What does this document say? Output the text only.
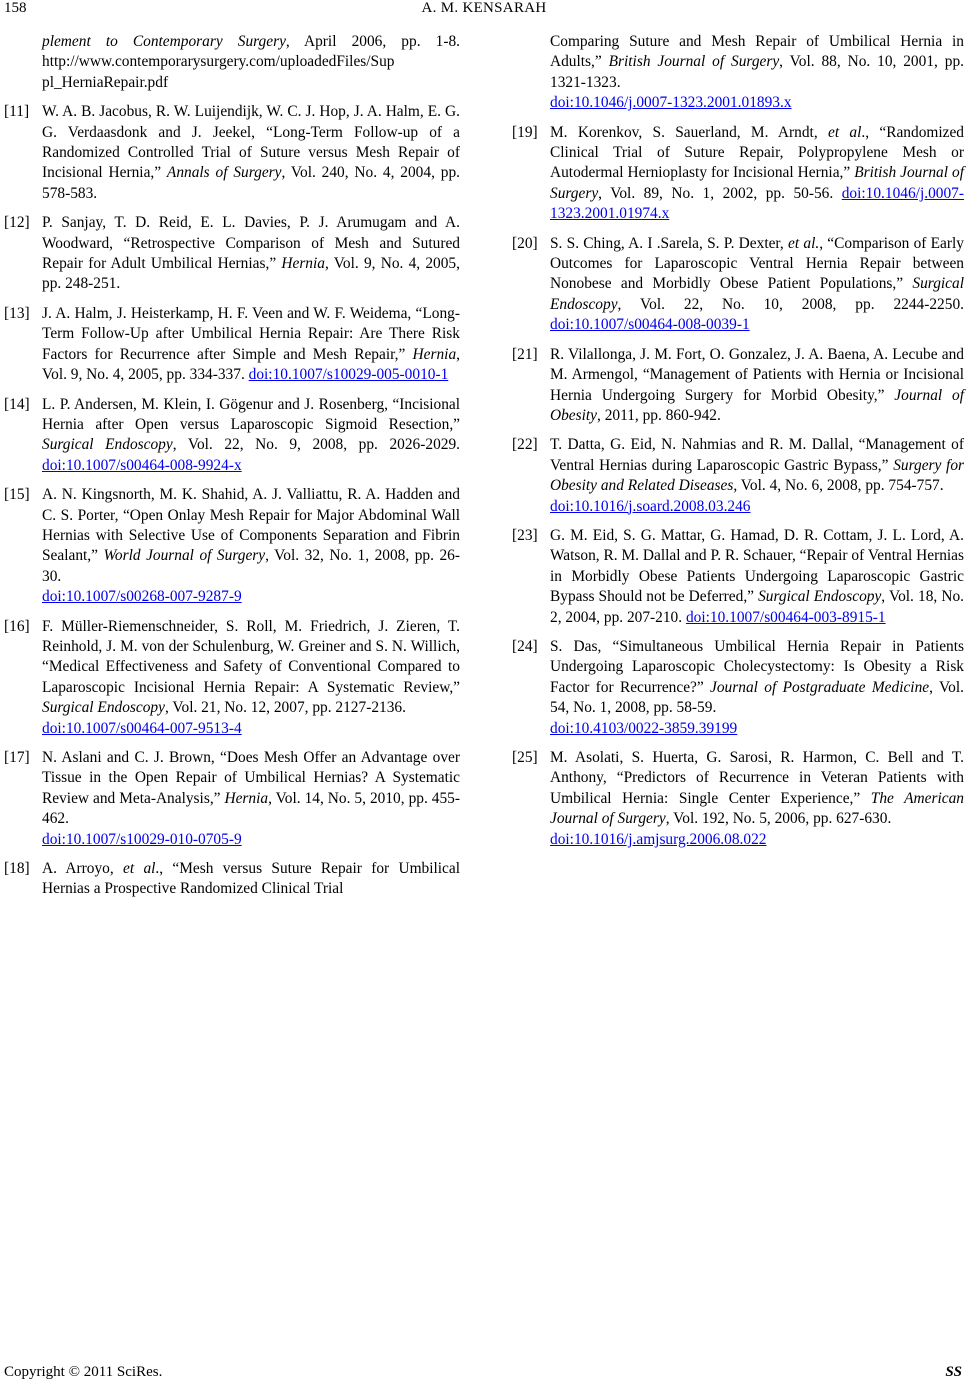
158	A. M. KENSARAH
plement to Contemporary Surgery, April 2006, pp. 1-8. http://www.contemporarysurgery.com/uploadedFiles/Sup pl_HerniaRepair.pdf
[11] W. A. B. Jacobus, R. W. Luijendijk, W. C. J. Hop, J. A. Halm, E. G. G. Verdaasdonk and J. Jeekel, “Long-Term Follow-up of a Randomized Controlled Trial of Suture versus Mesh Repair of Incisional Hernia,” Annals of Surgery, Vol. 240, No. 4, 2004, pp. 578-583.
[12] P. Sanjay, T. D. Reid, E. L. Davies, P. J. Arumugam and A. Woodward, “Retrospective Comparison of Mesh and Sutured Repair for Adult Umbilical Hernias,” Hernia, Vol. 9, No. 4, 2005, pp. 248-251.
[13] J. A. Halm, J. Heisterkamp, H. F. Veen and W. F. Weidema, “Long-Term Follow-Up after Umbilical Hernia Repair: Are There Risk Factors for Recurrence after Simple and Mesh Repair,” Hernia, Vol. 9, No. 4, 2005, pp. 334-337. doi:10.1007/s10029-005-0010-1
[14] L. P. Andersen, M. Klein, I. Gögenur and J. Rosenberg, “Incisional Hernia after Open versus Laparoscopic Sigmoid Resection,” Surgical Endoscopy, Vol. 22, No. 9, 2008, pp. 2026-2029. doi:10.1007/s00464-008-9924-x
[15] A. N. Kingsnorth, M. K. Shahid, A. J. Valliattu, R. A. Hadden and C. S. Porter, “Open Onlay Mesh Repair for Major Abdominal Wall Hernias with Selective Use of Components Separation and Fibrin Sealant,” World Journal of Surgery, Vol. 32, No. 1, 2008, pp. 26-30.
doi:10.1007/s00268-007-9287-9
[16] F. Müller-Riemenschneider, S. Roll, M. Friedrich, J. Zieren, T. Reinhold, J. M. von der Schulenburg, W. Greiner and S. N. Willich, “Medical Effectiveness and Safety of Conventional Compared to Laparoscopic Incisional Hernia Repair: A Systematic Review,” Surgical Endoscopy, Vol. 21, No. 12, 2007, pp. 2127-2136.
doi:10.1007/s00464-007-9513-4
[17] N. Aslani and C. J. Brown, “Does Mesh Offer an Advantage over Tissue in the Open Repair of Umbilical Hernias? A Systematic Review and Meta-Analysis,” Hernia, Vol. 14, No. 5, 2010, pp. 455-462.
doi:10.1007/s10029-010-0705-9
[18] A. Arroyo, et al., “Mesh versus Suture Repair for Umbilical Hernias a Prospective Randomized Clinical Trial
Comparing Suture and Mesh Repair of Umbilical Hernia in Adults,” British Journal of Surgery, Vol. 88, No. 10, 2001, pp. 1321-1323.
doi:10.1046/j.0007-1323.2001.01893.x
[19] M. Korenkov, S. Sauerland, M. Arndt, et al., “Randomized Clinical Trial of Suture Repair, Polypropylene Mesh or Autodermal Hernioplasty for Incisional Hernia,” British Journal of Surgery, Vol. 89, No. 1, 2002, pp. 50-56. doi:10.1046/j.0007-1323.2001.01974.x
[20] S. S. Ching, A. I .Sarela, S. P. Dexter, et al., “Comparison of Early Outcomes for Laparoscopic Ventral Hernia Repair between Nonobese and Morbidly Obese Patient Populations,” Surgical Endoscopy, Vol. 22, No. 10, 2008, pp. 2244-2250. doi:10.1007/s00464-008-0039-1
[21] R. Vilallonga, J. M. Fort, O. Gonzalez, J. A. Baena, A. Lecube and M. Armengol, “Management of Patients with Hernia or Incisional Hernia Undergoing Surgery for Morbid Obesity,” Journal of Obesity, 2011, pp. 860-942.
[22] T. Datta, G. Eid, N. Nahmias and R. M. Dallal, “Management of Ventral Hernias during Laparoscopic Gastric Bypass,” Surgery for Obesity and Related Diseases, Vol. 4, No. 6, 2008, pp. 754-757.
doi:10.1016/j.soard.2008.03.246
[23] G. M. Eid, S. G. Mattar, G. Hamad, D. R. Cottam, J. L. Lord, A. Watson, R. M. Dallal and P. R. Schauer, “Repair of Ventral Hernias in Morbidly Obese Patients Undergoing Laparoscopic Gastric Bypass Should not be Deferred,” Surgical Endoscopy, Vol. 18, No. 2, 2004, pp. 207-210. doi:10.1007/s00464-003-8915-1
[24] S. Das, “Simultaneous Umbilical Hernia Repair in Patients Undergoing Laparoscopic Cholecystectomy: Is Obesity a Risk Factor for Recurrence?” Journal of Postgraduate Medicine, Vol. 54, No. 1, 2008, pp. 58-59.
doi:10.4103/0022-3859.39199
[25] M. Asolati, S. Huerta, G. Sarosi, R. Harmon, C. Bell and T. Anthony, “Predictors of Recurrence in Veteran Patients with Umbilical Hernia: Single Center Experience,” The American Journal of Surgery, Vol. 192, No. 5, 2006, pp. 627-630.
doi:10.1016/j.amjsurg.2006.08.022
Copyright © 2011 SciRes.	SS
